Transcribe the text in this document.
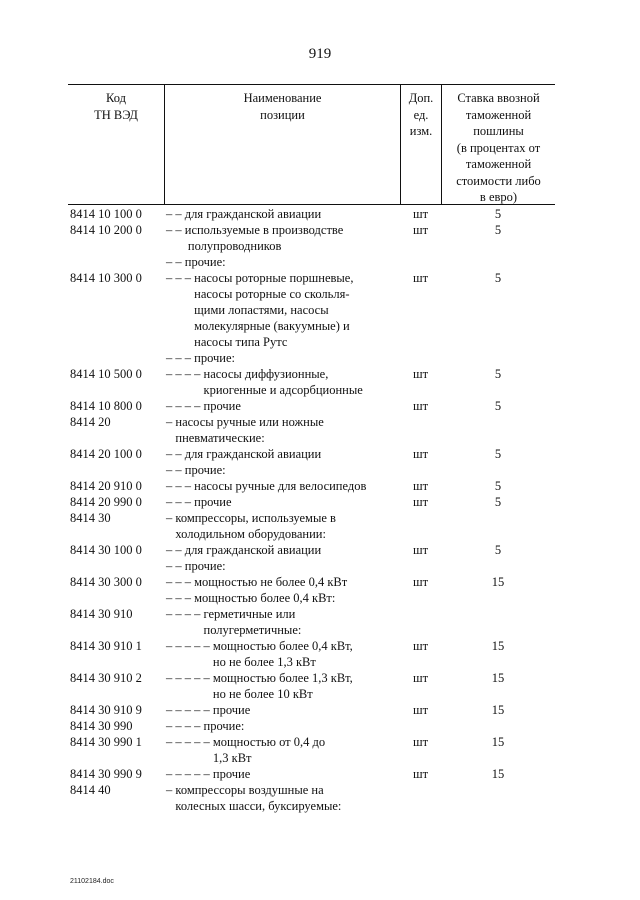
919
Код
ТН ВЭД
Наименование
позиции
Доп.
ед.
изм.
Ставка ввозной
таможенной
пошлины
(в процентах от
таможенной
стоимости либо
в евро)
8414 10 100 0	– – для гражданской авиации	шт	5
8414 10 200 0	– – используемые в производстве
полупроводников
шт	5
– – прочие:
8414 10 300 0	– – – насосы роторные поршневые,
насосы роторные со скольля-
щими лопастями, насосы
молекулярные (вакуумные) и
насосы типа Рутс
шт	5
– – – прочие:
8414 10 500 0	– – – – насосы диффузионные,
криогенные и адсорбционные
шт	5
8414 10 800 0	– – – – прочие	шт	5
8414 20	– насосы ручные или ножные
пневматические:
8414 20 100 0	– – для гражданской авиации	шт	5
– – прочие:
8414 20 910 0	– – – насосы ручные для велосипедов	шт	5
8414 20 990 0	– – – прочие	шт	5
8414 30	– компрессоры, используемые в
холодильном оборудовании:
8414 30 100 0	– – для гражданской авиации	шт	5
– – прочие:
8414 30 300 0	– – – мощностью не более 0,4 кВт	шт	15
– – – мощностью более 0,4 кВт:
8414 30 910	– – – – герметичные или
полугерметичные:
8414 30 910 1	– – – – – мощностью более 0,4 кВт,
но не более 1,3 кВт
шт	15
8414 30 910 2	– – – – – мощностью более 1,3 кВт,
но не более 10 кВт
шт	15
8414 30 910 9	– – – – – прочие	шт	15
8414 30 990	– – – – прочие:
8414 30 990 1	– – – – – мощностью от 0,4 до
1,3 кВт
шт	15
8414 30 990 9	– – – – – прочие	шт	15
8414 40	– компрессоры воздушные на
колесных шасси, буксируемые:
21102184.doc
